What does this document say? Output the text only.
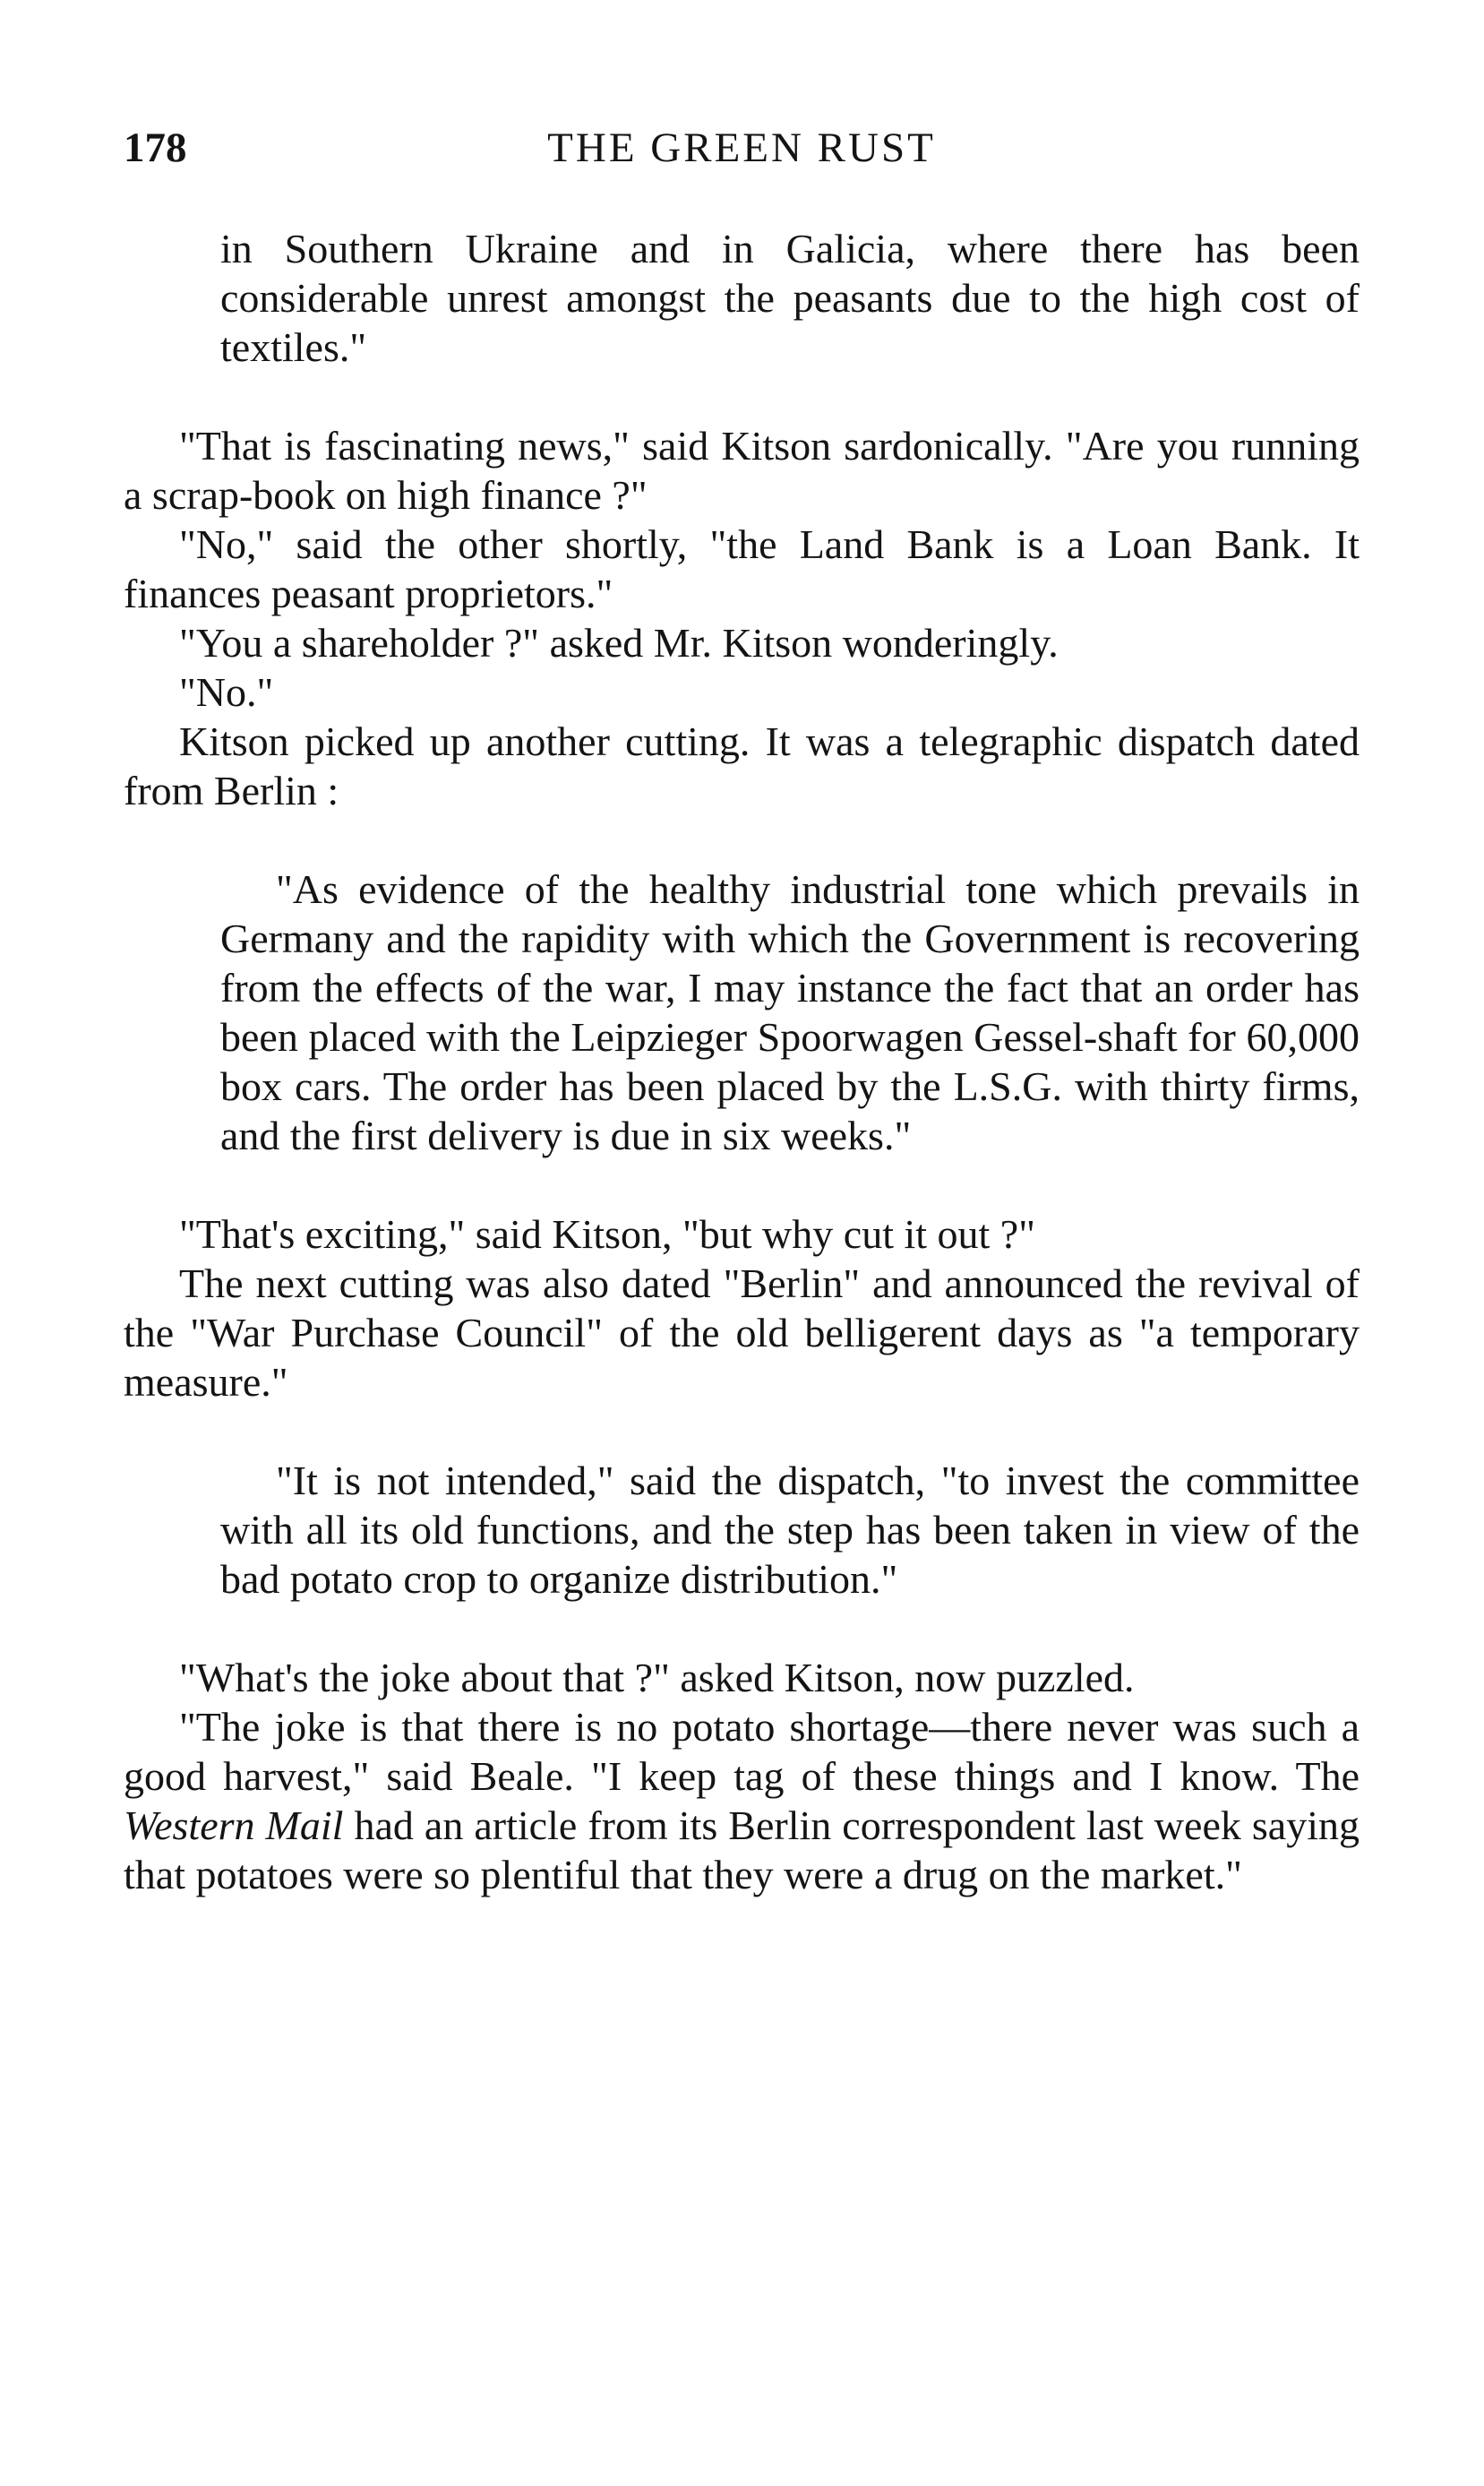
178	THE GREEN RUST

in Southern Ukraine and in Galicia, where there has been considerable unrest amongst the peasants due to the high cost of textiles."

"That is fascinating news," said Kitson sardonically. "Are you running a scrap-book on high finance ?"

"No," said the other shortly, "the Land Bank is a Loan Bank. It finances peasant proprietors."

"You a shareholder ?" asked Mr. Kitson wonderingly.

"No."

Kitson picked up another cutting. It was a telegraphic dispatch dated from Berlin :

"As evidence of the healthy industrial tone which prevails in Germany and the rapidity with which the Government is recovering from the effects of the war, I may instance the fact that an order has been placed with the Leipzieger Spoorwagen Gessel-shaft for 60,000 box cars. The order has been placed by the L.S.G. with thirty firms, and the first delivery is due in six weeks."

"That's exciting," said Kitson, "but why cut it out ?"

The next cutting was also dated "Berlin" and announced the revival of the "War Purchase Council" of the old belligerent days as "a temporary measure."

"It is not intended," said the dispatch, "to invest the committee with all its old functions, and the step has been taken in view of the bad potato crop to organize distribution."

"What's the joke about that ?" asked Kitson, now puzzled.

"The joke is that there is no potato shortage—there never was such a good harvest," said Beale. "I keep tag of these things and I know. The Western Mail had an article from its Berlin correspondent last week saying that potatoes were so plentiful that they were a drug on the market."
